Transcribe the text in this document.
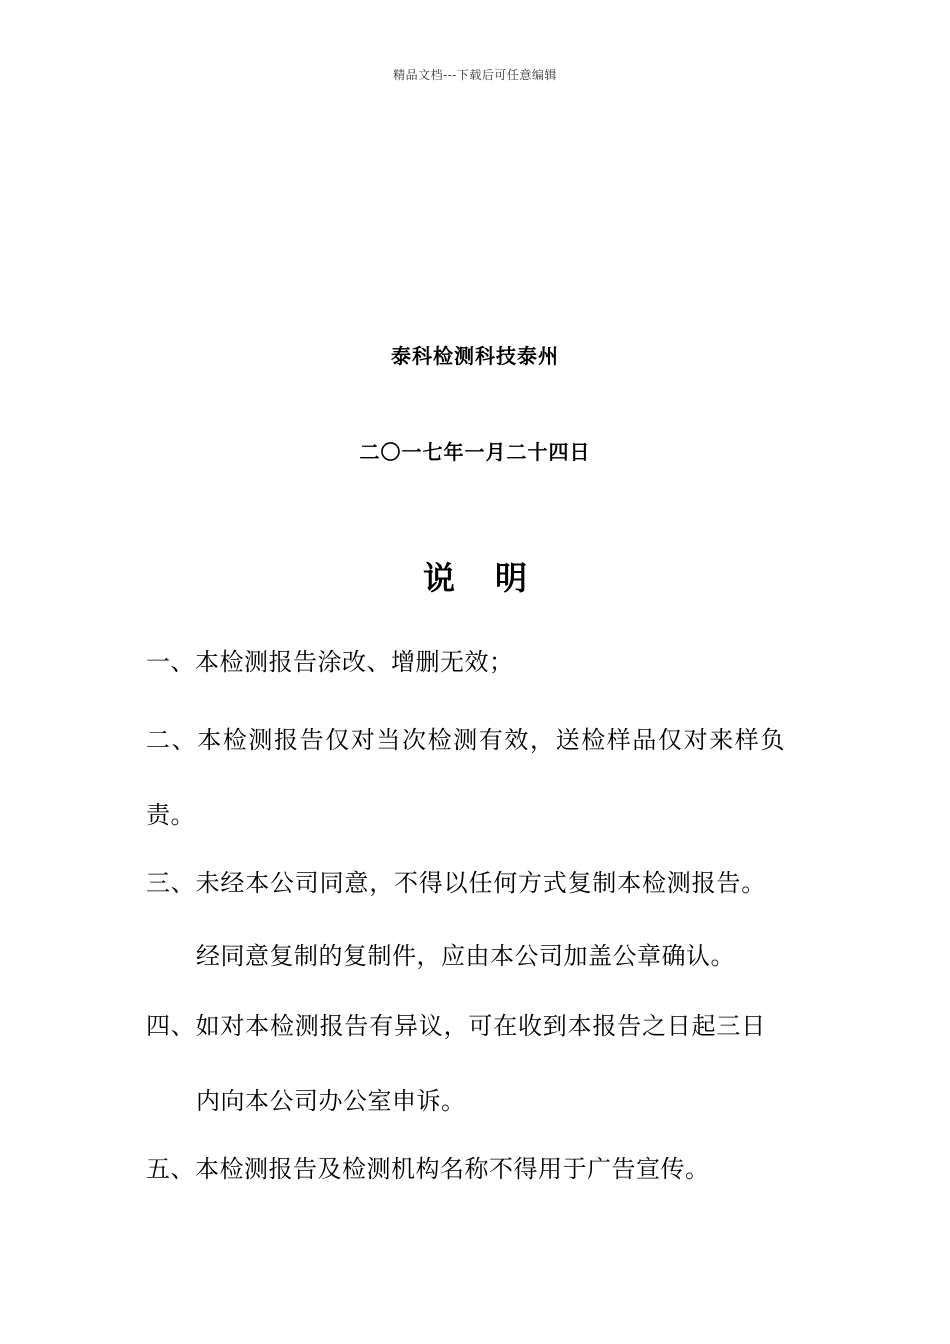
精品文档---下载后可任意编辑
泰科检测科技泰州
二〇一七年一月二十四日
说明
一、本检测报告涂改、增删无效；
二、本检测报告仅对当次检测有效，送检样品仅对来样负
责。
三、未经本公司同意，不得以任何方式复制本检测报告。
经同意复制的复制件，应由本公司加盖公章确认。
四、如对本检测报告有异议，可在收到本报告之日起三日
内向本公司办公室申诉。
五、本检测报告及检测机构名称不得用于广告宣传。
